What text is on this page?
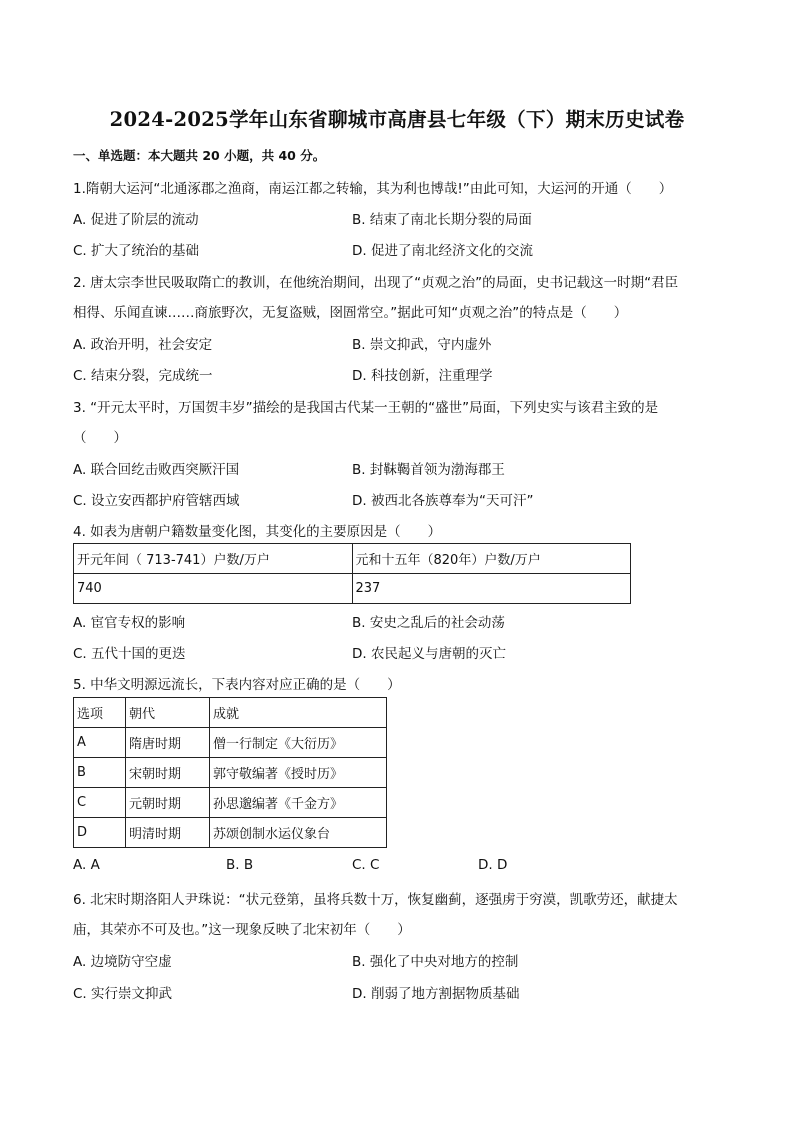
2024-2025学年山东省聊城市高唐县七年级（下）期末历史试卷
一、单选题：本大题共 20 小题，共 40 分。
1.隋朝大运河“北通涿郡之渔商，南运江都之转输，其为利也博哉!”由此可知，大运河的开通（　　）
A. 促进了阶层的流动	B. 结束了南北长期分裂的局面
C. 扩大了统治的基础	D. 促进了南北经济文化的交流
2. 唐太宗李世民吸取隋亡的教训，在他统治期间，出现了“贞观之治”的局面，史书记载这一时期“君臣
相得、乐闻直谏……商旅野次，无复盗贼，囹圄常空。”据此可知“贞观之治”的特点是（　　）
A. 政治开明，社会安定	B. 崇文抑武，守内虚外
C. 结束分裂，完成统一	D. 科技创新，注重理学
3. “开元太平时，万国贺丰岁”描绘的是我国古代某一王朝的“盛世”局面，下列史实与该君主致的是
（　　）
A. 联合回纥击败西突厥汗国	B. 封靺鞨首领为渤海郡王
C. 设立安西都护府管辖西域	D. 被西北各族尊奉为“天可汗”
4. 如表为唐朝户籍数量变化图，其变化的主要原因是（　　）
开元年间（ 713-741）户数/万户	元和十五年（820年）户数/万户
740	237
A. 宦官专权的影响	B. 安史之乱后的社会动荡
C. 五代十国的更迭	D. 农民起义与唐朝的灭亡
5. 中华文明源远流长，下表内容对应正确的是（　　）
选项	朝代	成就
A	隋唐时期	僧一行制定《大衍历》
B	宋朝时期	郭守敬编著《授时历》
C	元朝时期	孙思邈编著《千金方》
D	明清时期	苏颂创制水运仪象台
A. A	B. B	C. C	D. D
6. 北宋时期洛阳人尹珠说：“状元登第，虽将兵数十万，恢复幽蓟，逐强虏于穷漠，凯歌劳还，献捷太
庙，其荣亦不可及也。”这一现象反映了北宋初年（　　）
A. 边境防守空虚	B. 强化了中央对地方的控制
C. 实行崇文抑武	D. 削弱了地方割据物质基础
